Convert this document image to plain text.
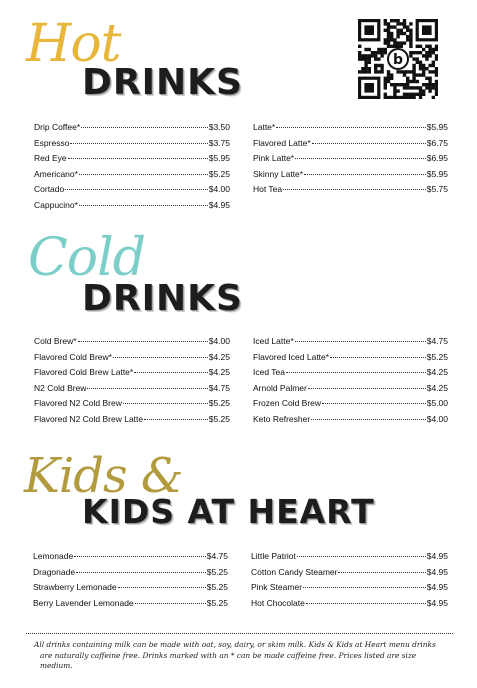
Hot
DRINKS
Drip Coffee*	$3.50
Espresso	$3.75
Red Eye	$5.95
Americano*	$5.25
Cortado	$4.00
Cappucino*	$4.95
Latte*	$5.95
Flavored Latte*	$6.75
Pink Latte*	$6.95
Skinny Latte*	$5.95
Hot Tea	$5.75
b
Cold
DRINKS
Cold Brew*	$4.00
Flavored Cold Brew*	$4.25
Flavored Cold Brew Latte*	$4.25
N2 Cold Brew	$4.75
Flavored N2 Cold Brew	$5.25
Flavored N2 Cold Brew Latte	$5.25
Iced Latte*	$4.75
Flavored Iced Latte*	$5.25
Iced Tea	$4.25
Arnold Palmer	$4.25
Frozen Cold Brew	$5.00
Keto Refresher	$4.00
Kids &
KIDS AT HEART
Lemonade	$4.75
Dragonade	$5.25
Strawberry Lemonade	$5.25
Berry Lavender Lemonade	$5.25
Little Patriot	$4.95
Cotton Candy Steamer	$4.95
Pink Steamer	$4.95
Hot Chocolate	$4.95
All drinks containing milk can be made with oat, soy, dairy, or skim milk. Kids & Kids at Heart menu drinks
are naturally caffeine free. Drinks marked with an * can be made caffeine free. Prices listed are size medium.
